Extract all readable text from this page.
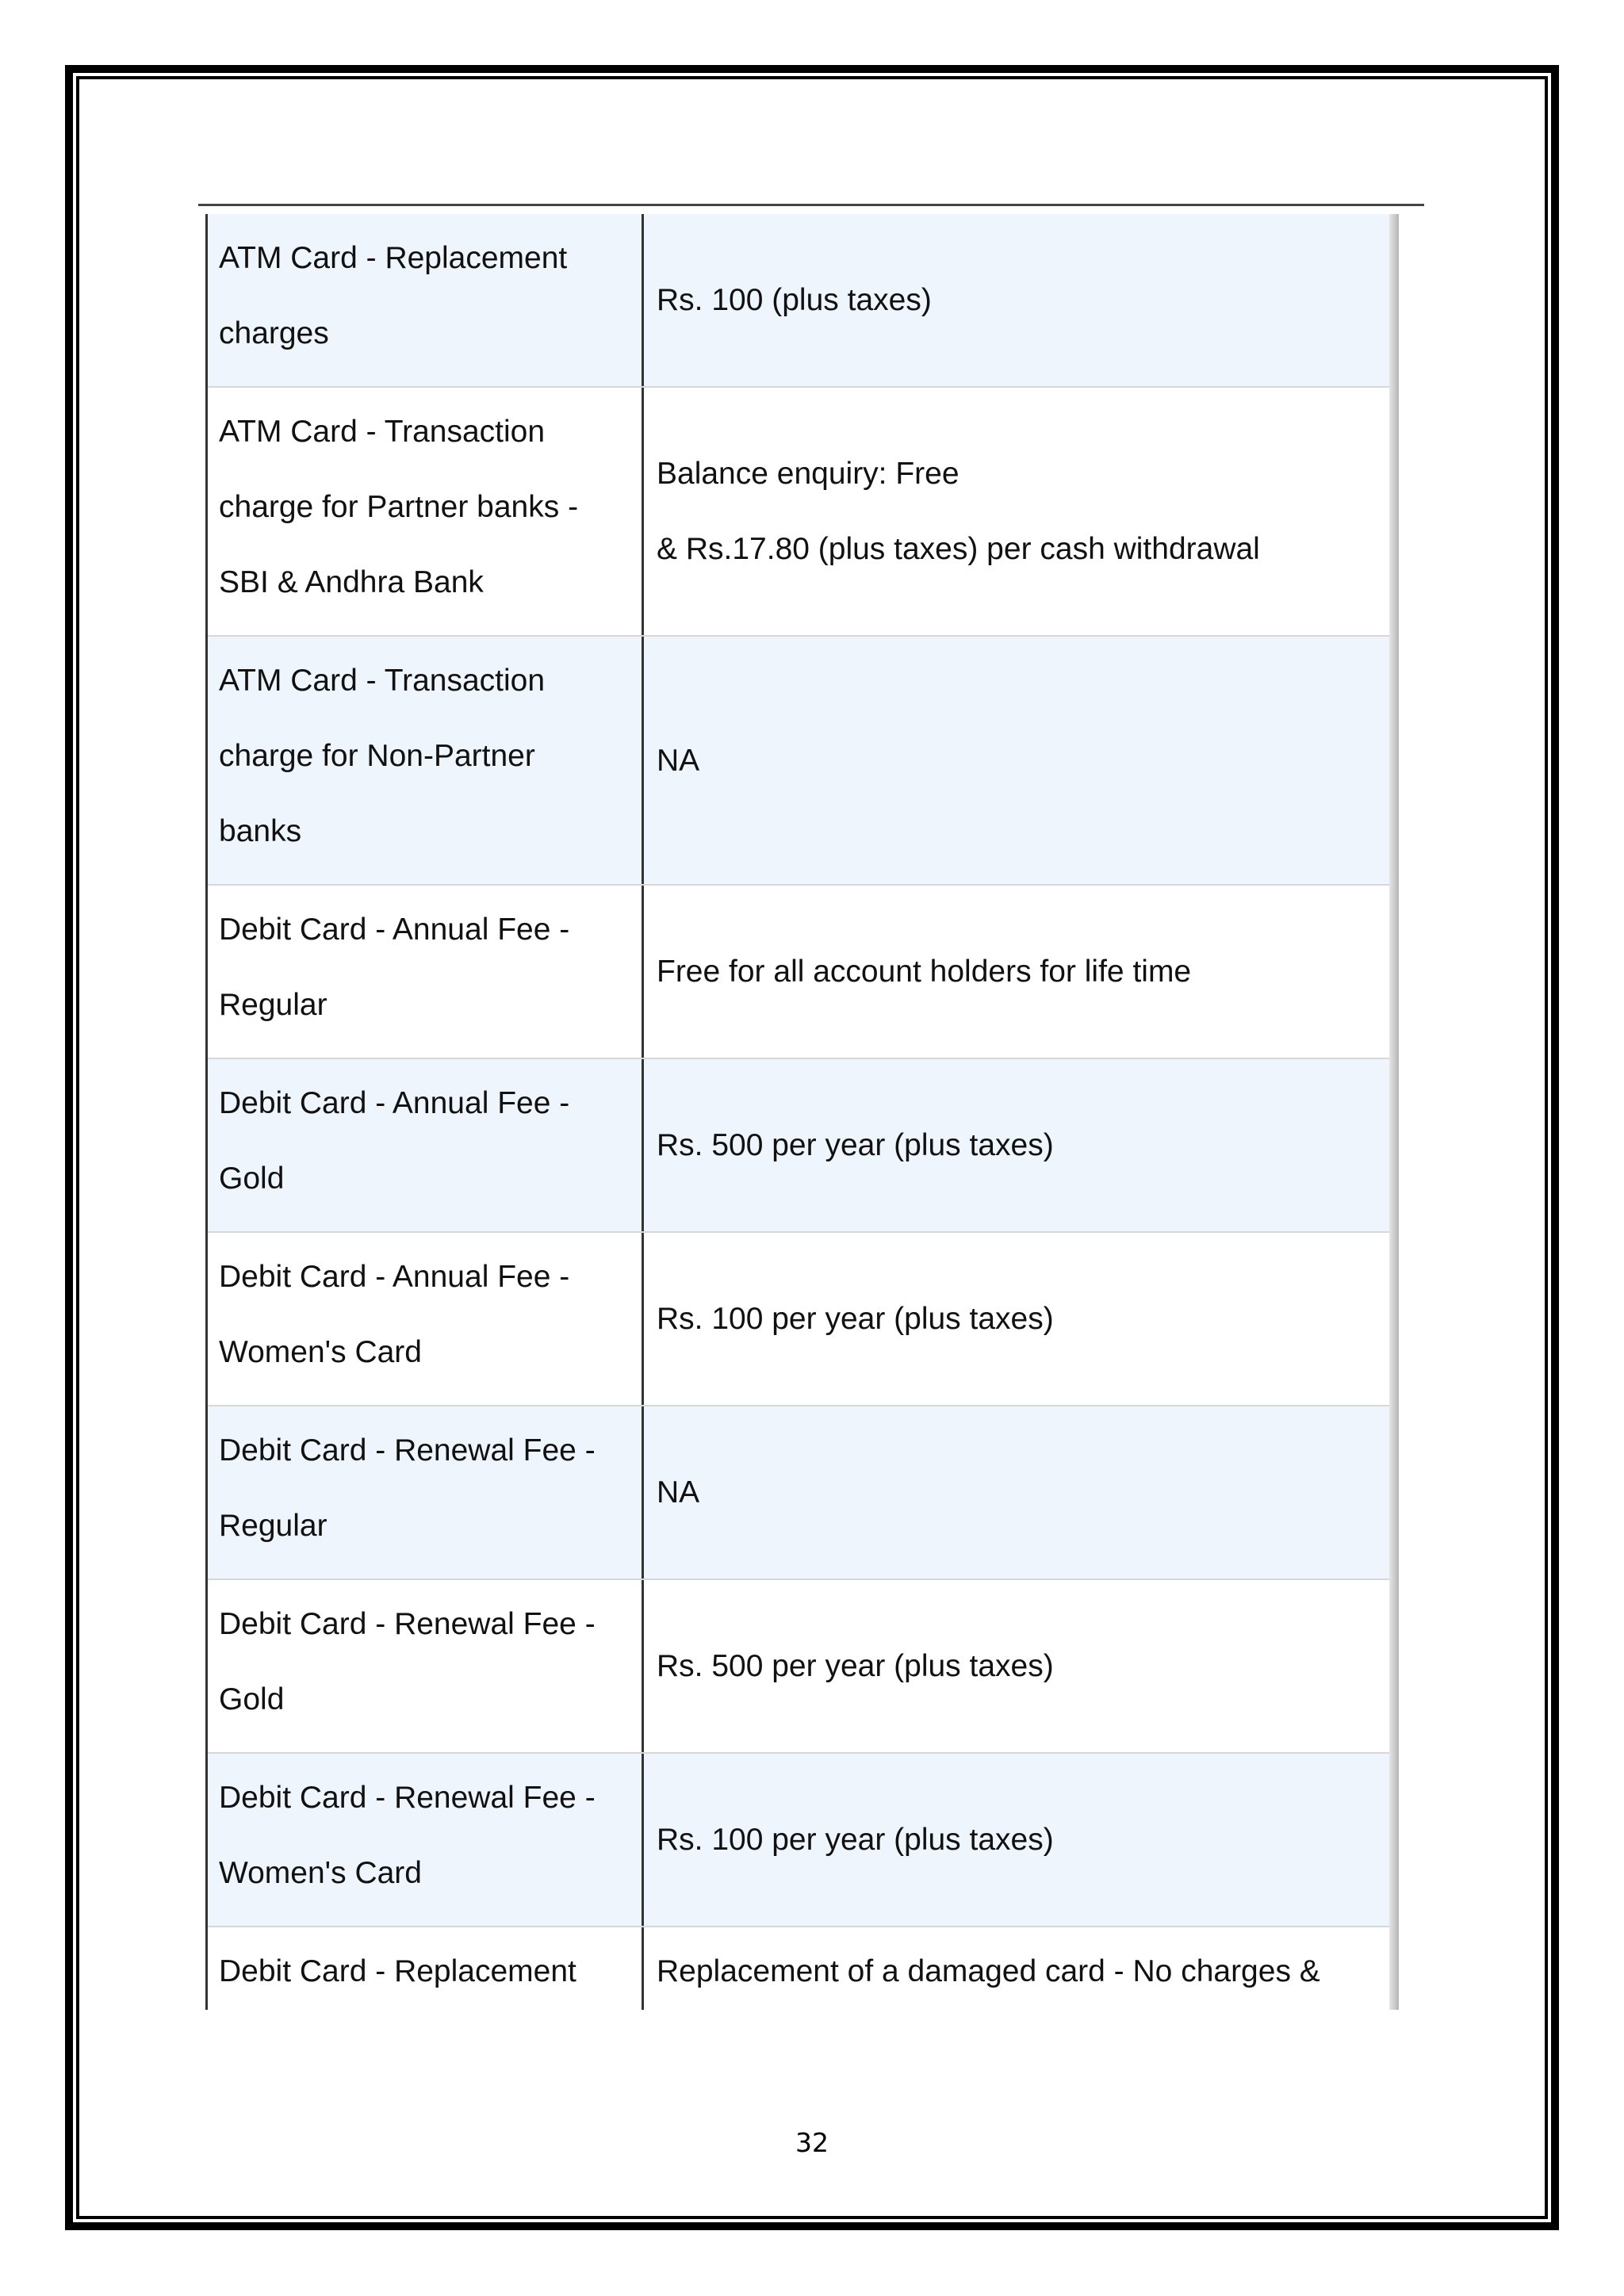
ATM Card - Replacement
charges
Rs. 100 (plus taxes)
ATM Card - Transaction
charge for Partner banks -
SBI & Andhra Bank
Balance enquiry: Free
& Rs.17.80 (plus taxes) per cash withdrawal
ATM Card - Transaction
charge for Non-Partner
banks
NA
Debit Card - Annual Fee -
Regular
Free for all account holders for life time
Debit Card - Annual Fee -
Gold
Rs. 500 per year (plus taxes)
Debit Card - Annual Fee -
Women's Card
Rs. 100 per year (plus taxes)
Debit Card - Renewal Fee -
Regular
NA
Debit Card - Renewal Fee -
Gold
Rs. 500 per year (plus taxes)
Debit Card - Renewal Fee -
Women's Card
Rs. 100 per year (plus taxes)
Debit Card - Replacement	Replacement of a damaged card - No charges &
32
